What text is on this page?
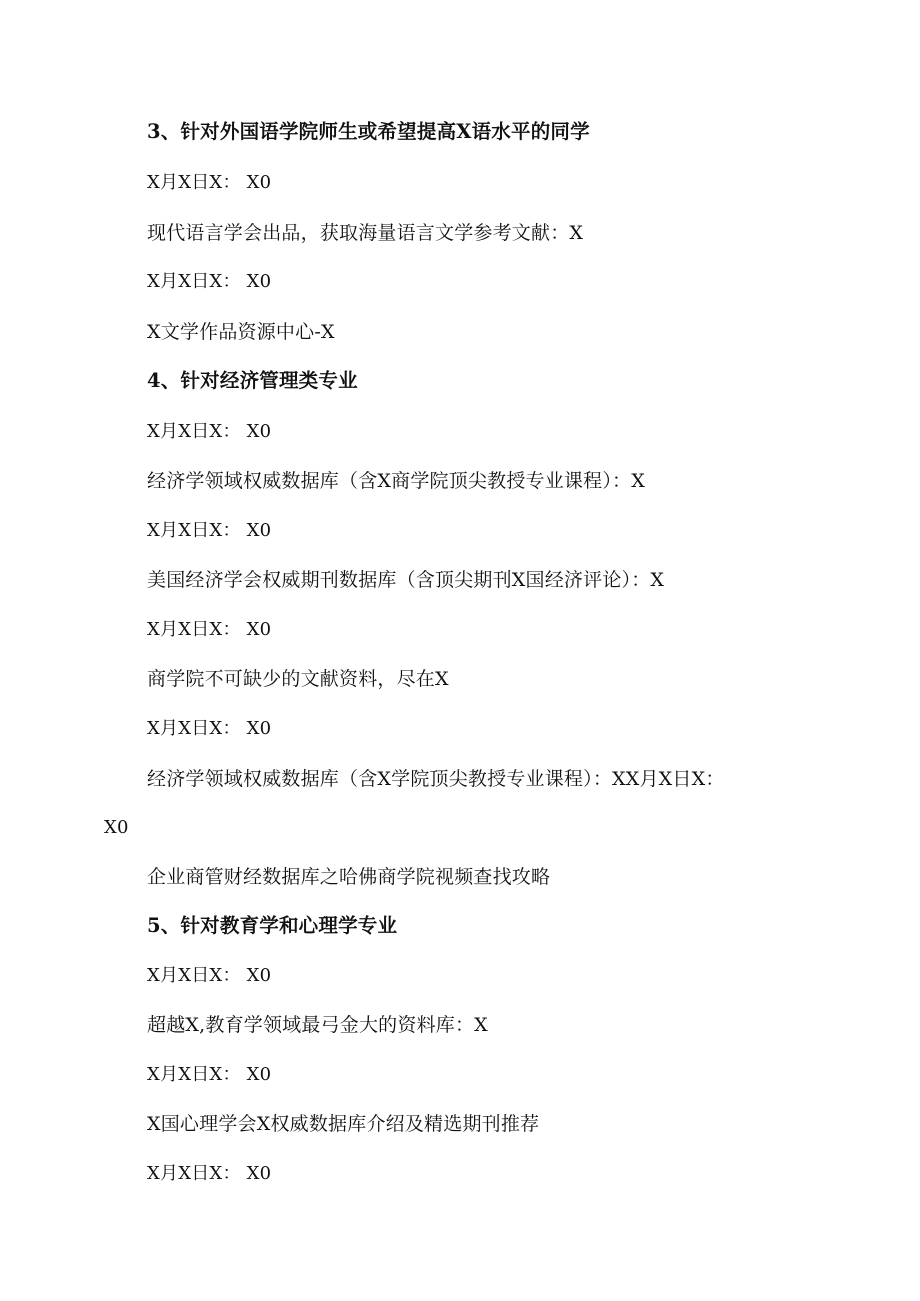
3、针对外国语学院师生或希望提高X语水平的同学
X月X日X： X0
现代语言学会出品，获取海量语言文学参考文献：X
X月X日X： X0
X文学作品资源中心-X
4、针对经济管理类专业
X月X日X： X0
经济学领域权威数据库（含X商学院顶尖教授专业课程）：X
X月X日X： X0
美国经济学会权威期刊数据库（含顶尖期刊X国经济评论）：X
X月X日X： X0
商学院不可缺少的文献资料，尽在X
X月X日X： X0
经济学领域权威数据库（含X学院顶尖教授专业课程）：XX月X日X：
X0
企业商管财经数据库之哈佛商学院视频查找攻略
5、针对教育学和心理学专业
X月X日X： X0
超越X,教育学领域最弓金大的资料库：X
X月X日X： X0
X国心理学会X权威数据库介绍及精选期刊推荐
X月X日X： X0
